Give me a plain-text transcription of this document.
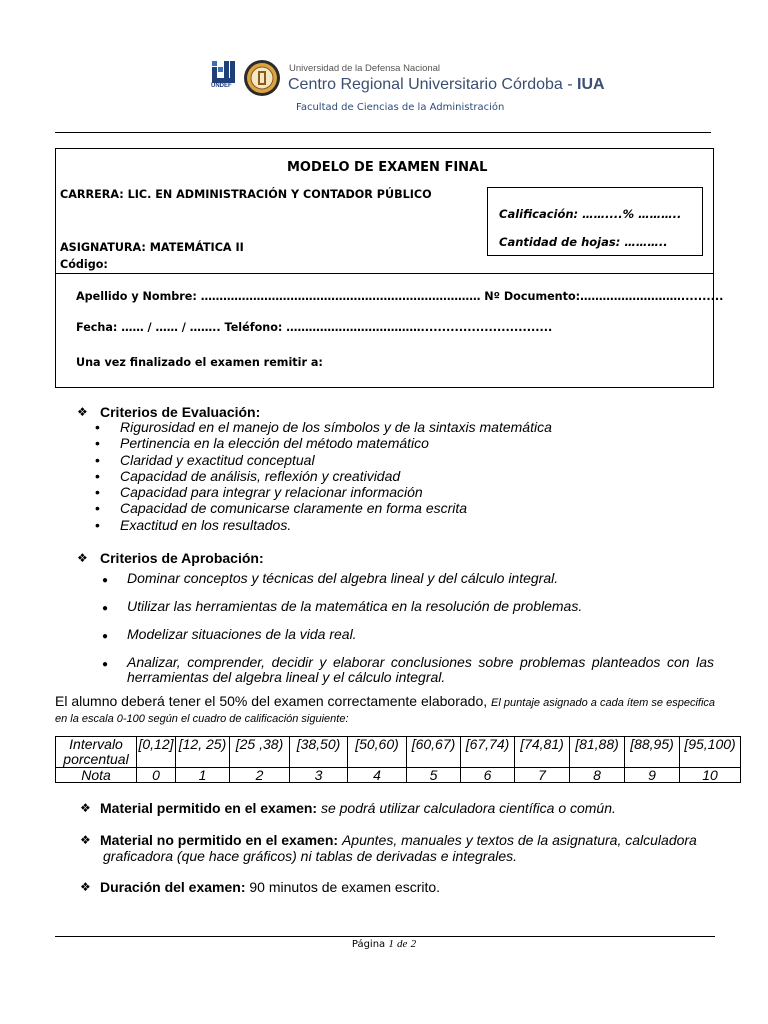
UNDEF
Universidad de la Defensa Nacional
Centro Regional Universitario Córdoba - IUA
Facultad de Ciencias de la Administración
MODELO DE EXAMEN FINAL
CARRERA: LIC. EN ADMINISTRACIÓN Y CONTADOR PÚBLICO
ASIGNATURA: MATEMÁTICA II
Código:
Calificación: ……....% ………..
Cantidad de hojas: ………..
Apellido y Nombre: ………………………………………………………………… Nº Documento:………………………..........
Fecha: …… / …… / …….. Teléfono: ………………………………...............................
Una vez finalizado el examen remitir a:
❖ Criterios de Evaluación:
• Rigurosidad en el manejo de los símbolos y de la sintaxis matemática
• Pertinencia en la elección del método matemático
• Claridad y exactitud conceptual
• Capacidad de análisis, reflexión y creatividad
• Capacidad para integrar y relacionar información
• Capacidad de comunicarse claramente en forma escrita
• Exactitud en los resultados.
❖ Criterios de Aprobación:
● Dominar conceptos y técnicas del algebra lineal y del cálculo integral.
● Utilizar las herramientas de la matemática en la resolución de problemas.
● Modelizar situaciones de la vida real.
● Analizar, comprender, decidir y elaborar conclusiones sobre problemas planteados con las herramientas del algebra lineal y el cálculo integral.
El alumno deberá tener el 50% del examen correctamente elaborado, El puntaje asignado a cada ítem se especifica en la escala 0-100 según el cuadro de calificación siguiente:
Intervalo porcentual	[0,12]	[12, 25)	[25 ,38)	[38,50)	[50,60)	[60,67)	[67,74)	[74,81)	[81,88)	[88,95)	[95,100)
Nota	0	1	2	3	4	5	6	7	8	9	10
❖ Material permitido en el examen: se podrá utilizar calculadora científica o común.
❖ Material no permitido en el examen: Apuntes, manuales y textos de la asignatura, calculadora
graficadora (que hace gráficos) ni tablas de derivadas e integrales.
❖ Duración del examen: 90 minutos de examen escrito.
Página 1 de 2
